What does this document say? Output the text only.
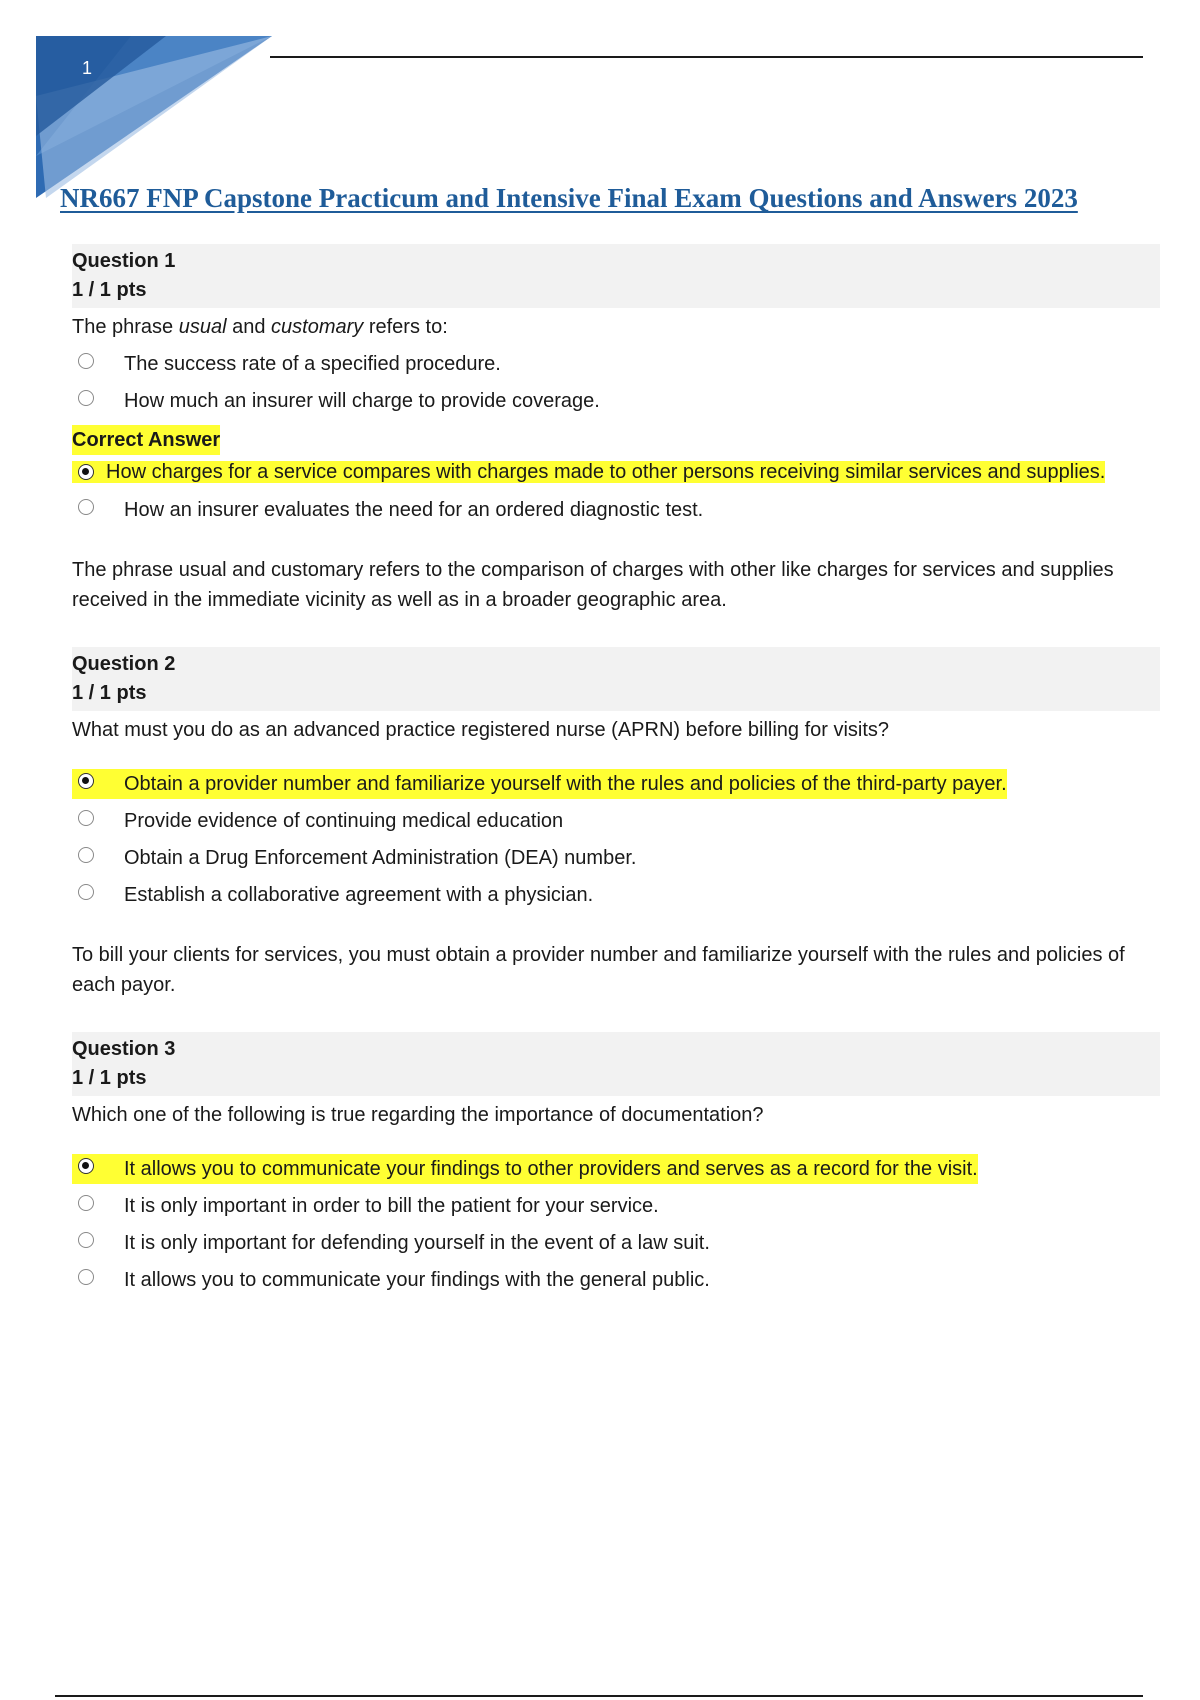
1
NR667 FNP Capstone Practicum and Intensive Final Exam Questions and Answers 2023
Question 1
1 / 1 pts
The phrase usual and customary refers to:
The success rate of a specified procedure.
How much an insurer will charge to provide coverage.
Correct Answer
How charges for a service compares with charges made to other persons receiving similar services and supplies.
How an insurer evaluates the need for an ordered diagnostic test.
The phrase usual and customary refers to the comparison of charges with other like charges for services and supplies received in the immediate vicinity as well as in a broader geographic area.
Question 2
1 / 1 pts
What must you do as an advanced practice registered nurse (APRN) before billing for visits?
Obtain a provider number and familiarize yourself with the rules and policies of the third-party payer.
Provide evidence of continuing medical education
Obtain a Drug Enforcement Administration (DEA) number.
Establish a collaborative agreement with a physician.
To bill your clients for services, you must obtain a provider number and familiarize yourself with the rules and policies of each payor.
Question 3
1 / 1 pts
Which one of the following is true regarding the importance of documentation?
It allows you to communicate your findings to other providers and serves as a record for the visit.
It is only important in order to bill the patient for your service.
It is only important for defending yourself in the event of a law suit.
It allows you to communicate your findings with the general public.
